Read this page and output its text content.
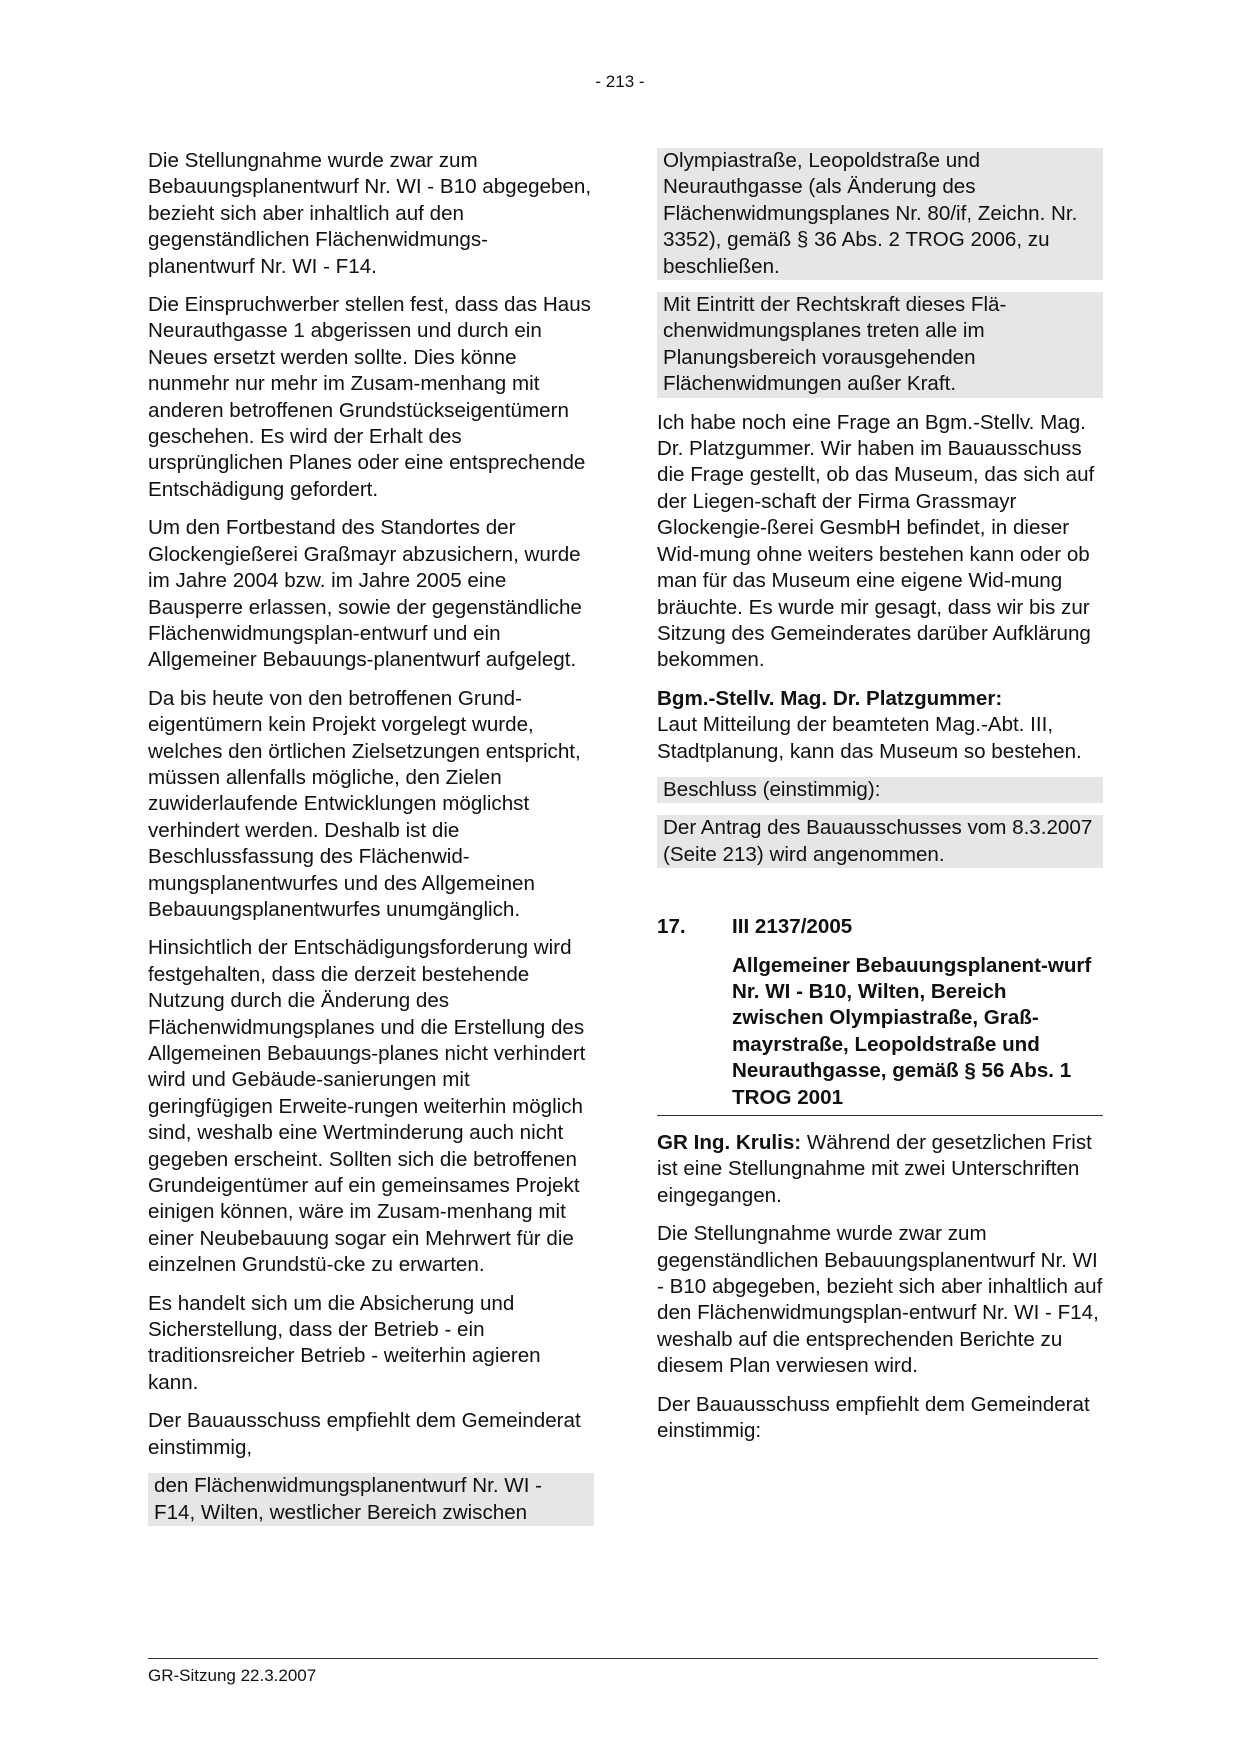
- 213 -

Die Stellungnahme wurde zwar zum Bebauungsplanentwurf Nr. WI - B10 abgegeben, bezieht sich aber inhaltlich auf den gegenständlichen Flächenwidmungs-planentwurf Nr. WI - F14.

Die Einspruchwerber stellen fest, dass das Haus Neurauthgasse 1 abgerissen und durch ein Neues ersetzt werden sollte. Dies könne nunmehr nur mehr im Zusam-menhang mit anderen betroffenen Grundstückseigentümern geschehen. Es wird der Erhalt des ursprünglichen Planes oder eine entsprechende Entschädigung gefordert.

Um den Fortbestand des Standortes der Glockengießerei Graßmayr abzusichern, wurde im Jahre 2004 bzw. im Jahre 2005 eine Bausperre erlassen, sowie der gegenständliche Flächenwidmungsplan-entwurf und ein Allgemeiner Bebauungs-planentwurf aufgelegt.

Da bis heute von den betroffenen Grund-eigentümern kein Projekt vorgelegt wurde, welches den örtlichen Zielsetzungen entspricht, müssen allenfalls mögliche, den Zielen zuwiderlaufende Entwicklungen möglichst verhindert werden. Deshalb ist die Beschlussfassung des Flächenwid-mungsplanentwurfes und des Allgemeinen Bebauungsplanentwurfes unumgänglich.

Hinsichtlich der Entschädigungsforderung wird festgehalten, dass die derzeit bestehende Nutzung durch die Änderung des Flächenwidmungsplanes und die Erstellung des Allgemeinen Bebauungs-planes nicht verhindert wird und Gebäude-sanierungen mit geringfügigen Erweite-rungen weiterhin möglich sind, weshalb eine Wertminderung auch nicht gegeben erscheint. Sollten sich die betroffenen Grundeigentümer auf ein gemeinsames Projekt einigen können, wäre im Zusam-menhang mit einer Neubebauung sogar ein Mehrwert für die einzelnen Grundstü-cke zu erwarten.

Es handelt sich um die Absicherung und Sicherstellung, dass der Betrieb - ein traditionsreicher Betrieb - weiterhin agieren kann.

Der Bauausschuss empfiehlt dem Gemeinderat einstimmig,

den Flächenwidmungsplanentwurf Nr. WI - F14, Wilten, westlicher Bereich zwischen

Olympiastraße, Leopoldstraße und Neurauthgasse (als Änderung des Flächenwidmungsplanes Nr. 80/if, Zeichn. Nr. 3352), gemäß § 36 Abs. 2 TROG 2006, zu beschließen.

Mit Eintritt der Rechtskraft dieses Flä-chenwidmungsplanes treten alle im Planungsbereich vorausgehenden Flächenwidmungen außer Kraft.

Ich habe noch eine Frage an Bgm.-Stellv. Mag. Dr. Platzgummer. Wir haben im Bauausschuss die Frage gestellt, ob das Museum, das sich auf der Liegen-schaft der Firma Grassmayr Glockengie-ßerei GesmbH befindet, in dieser Wid-mung ohne weiters bestehen kann oder ob man für das Museum eine eigene Wid-mung bräuchte. Es wurde mir gesagt, dass wir bis zur Sitzung des Gemeinderates darüber Aufklärung bekommen.

Bgm.-Stellv. Mag. Dr. Platzgummer:
Laut Mitteilung der beamteten Mag.-Abt. III, Stadtplanung, kann das Museum so bestehen.

Beschluss (einstimmig):

Der Antrag des Bauausschusses vom 8.3.2007 (Seite 213) wird angenommen.

17.	III 2137/2005
Allgemeiner Bebauungsplanent-wurf Nr. WI - B10, Wilten, Bereich zwischen Olympiastraße, Graß-mayrstraße, Leopoldstraße und Neurauthgasse, gemäß § 56 Abs. 1 TROG 2001

GR Ing. Krulis: Während der gesetzlichen Frist ist eine Stellungnahme mit zwei Unterschriften eingegangen.

Die Stellungnahme wurde zwar zum gegenständlichen Bebauungsplanentwurf Nr. WI - B10 abgegeben, bezieht sich aber inhaltlich auf den Flächenwidmungsplan-entwurf Nr. WI - F14, weshalb auf die entsprechenden Berichte zu diesem Plan verwiesen wird.

Der Bauausschuss empfiehlt dem Gemeinderat einstimmig:

GR-Sitzung 22.3.2007
